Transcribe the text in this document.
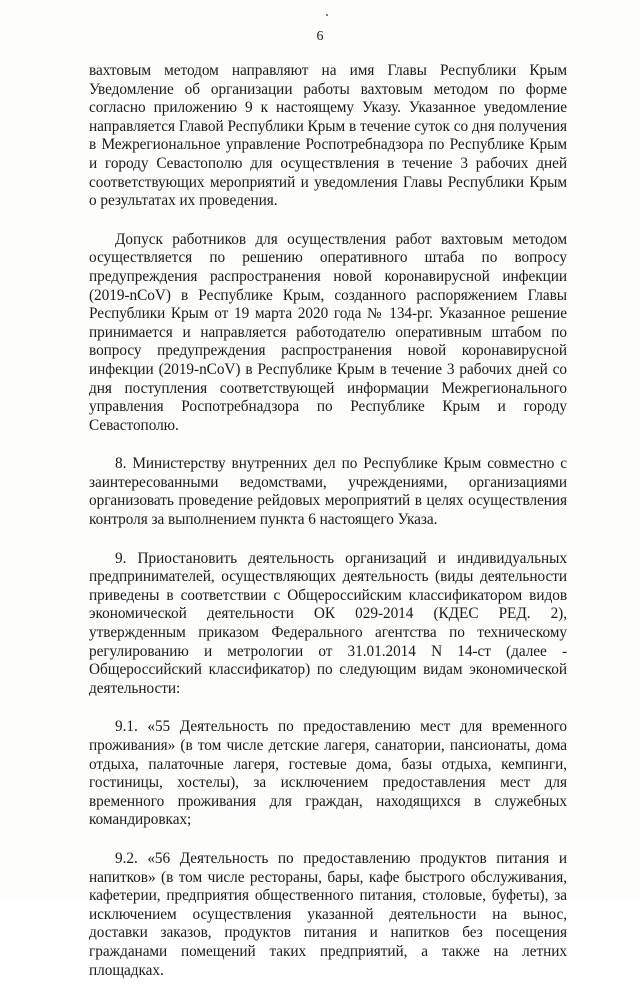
6

вахтовым методом направляют на имя Главы Республики Крым Уведомление об организации работы вахтовым методом по форме согласно приложению 9 к настоящему Указу. Указанное уведомление направляется Главой Республики Крым в течение суток со дня получения в Межрегиональное управление Роспотребнадзора по Республике Крым и городу Севастополю для осуществления в течение 3 рабочих дней соответствующих мероприятий и уведомления Главы Республики Крым о результатах их проведения.

Допуск работников для осуществления работ вахтовым методом осуществляется по решению оперативного штаба по вопросу предупреждения распространения новой коронавирусной инфекции (2019-nCoV) в Республике Крым, созданного распоряжением Главы Республики Крым от 19 марта 2020 года № 134-рг. Указанное решение принимается и направляется работодателю оперативным штабом по вопросу предупреждения распространения новой коронавирусной инфекции (2019-nCoV) в Республике Крым в течение 3 рабочих дней со дня поступления соответствующей информации Межрегионального управления Роспотребнадзора по Республике Крым и городу Севастополю.

8. Министерству внутренних дел по Республике Крым совместно с заинтересованными ведомствами, учреждениями, организациями организовать проведение рейдовых мероприятий в целях осуществления контроля за выполнением пункта 6 настоящего Указа.

9. Приостановить деятельность организаций и индивидуальных предпринимателей, осуществляющих деятельность (виды деятельности приведены в соответствии с Общероссийским классификатором видов экономической деятельности ОК 029-2014 (КДЕС РЕД. 2), утвержденным приказом Федерального агентства по техническому регулированию и метрологии от 31.01.2014 N 14-ст (далее - Общероссийский классификатор) по следующим видам экономической деятельности:

9.1. «55 Деятельность по предоставлению мест для временного проживания» (в том числе детские лагеря, санатории, пансионаты, дома отдыха, палаточные лагеря, гостевые дома, базы отдыха, кемпинги, гостиницы, хостелы), за исключением предоставления мест для временного проживания для граждан, находящихся в служебных командировках;

9.2. «56 Деятельность по предоставлению продуктов питания и напитков» (в том числе рестораны, бары, кафе быстрого обслуживания, кафетерии, предприятия общественного питания, столовые, буфеты), за исключением осуществления указанной деятельности на вынос, доставки заказов, продуктов питания и напитков без посещения гражданами помещений таких предприятий, а также на летних площадках.
